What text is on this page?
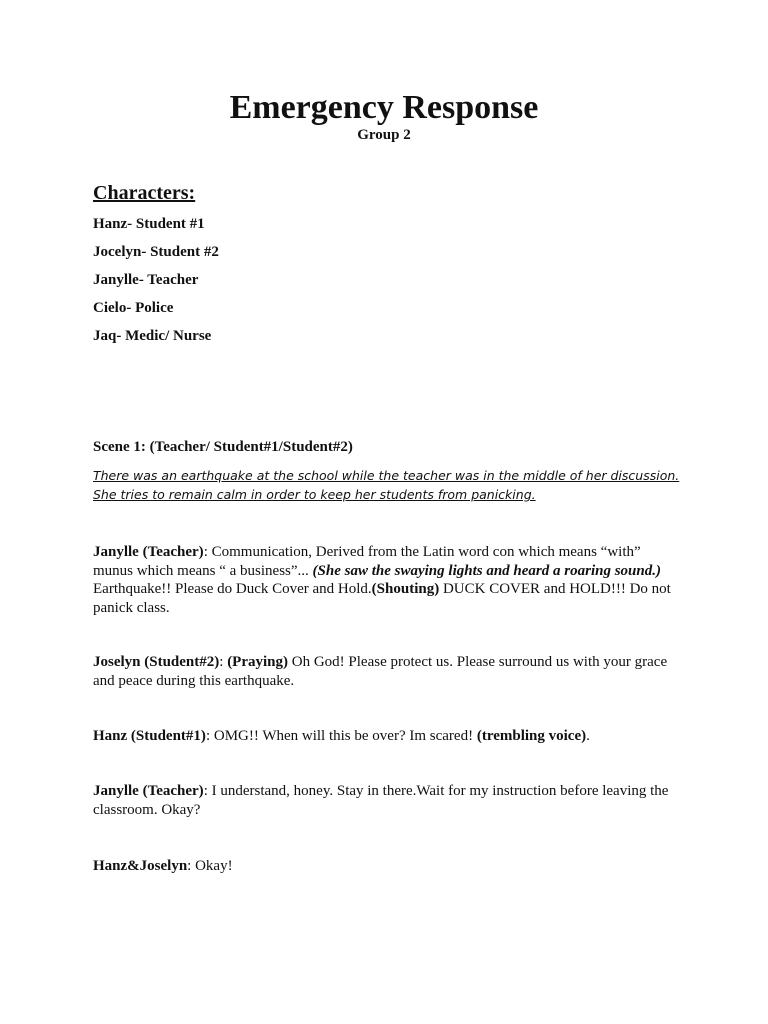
Emergency Response
Group 2
Characters:
Hanz- Student #1
Jocelyn- Student #2
Janylle- Teacher
Cielo- Police
Jaq- Medic/ Nurse
Scene 1: (Teacher/ Student#1/Student#2)
There was an earthquake at the school while the teacher was in the middle of her discussion.
She tries to remain calm in order to keep her students from panicking.
Janylle (Teacher): Communication, Derived from the Latin word con which means “with” munus which means “ a business”... (She saw the swaying lights and heard a roaring sound.) Earthquake!! Please do Duck Cover and Hold.(Shouting) DUCK COVER and HOLD!!! Do not panick class.
Joselyn (Student#2): (Praying) Oh God! Please protect us. Please surround us with your grace and peace during this earthquake.
Hanz (Student#1): OMG!! When will this be over? Im scared! (trembling voice).
Janylle (Teacher): I understand, honey. Stay in there.Wait for my instruction before leaving the classroom. Okay?
Hanz&Joselyn: Okay!
